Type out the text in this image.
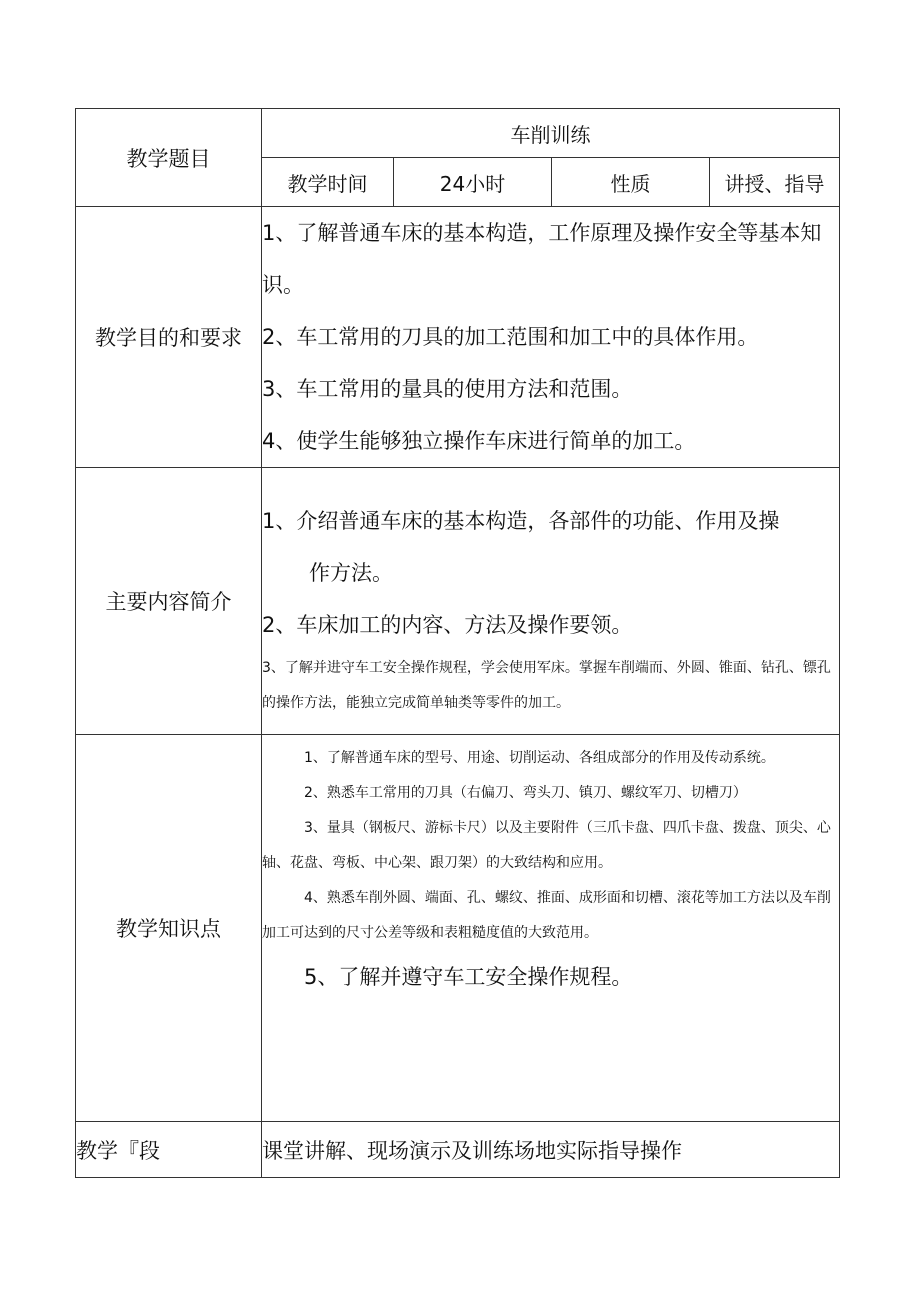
教学题目	车削训练			
	教学时间	24小时	性质	讲授、指导
教学目的和要求	1、了解普通车床的基本构造，工作原理及操作安全等基本知识。

2、车工常用的刀具的加工范围和加工中的具体作用。

3、车工常用的量具的使用方法和范围。

4、使学生能够独立操作车床进行简单的加工。			

主要内容简介	1、介绍普通车床的基本构造，各部件的功能、作用及操

作方法。

2、车床加工的内容、方法及操作要领。

3、了解并进守车工安全操作规程，学会使用军床。掌握车削端而、外圆、锥面、钻孔、镖孔的操作方法，能独立完成简单轴类等零件的加工。			

教学知识点	1、了解普通车床的型号、用途、切削运动、各组成部分的作用及传动系统。

2、熟悉车工常用的刀具（右偏刀、弯头刀、镇刀、螺纹军刀、切槽刀）

3、量具（钢板尺、游标卡尺）以及主要附件（三爪卡盘、四爪卡盘、拨盘、顶尖、心轴、花盘、弯板、中心架、跟刀架）的大致结构和应用。

4、熟悉车削外圆、端面、孔、螺纹、推面、成形面和切槽、滚花等加工方法以及车削加工可达到的尺寸公差等级和表粗糙度值的大致范用。

5、了解并遵守车工安全操作规程。			

教学『段	课堂讲解、现场演示及训练场地实际指导操作			
